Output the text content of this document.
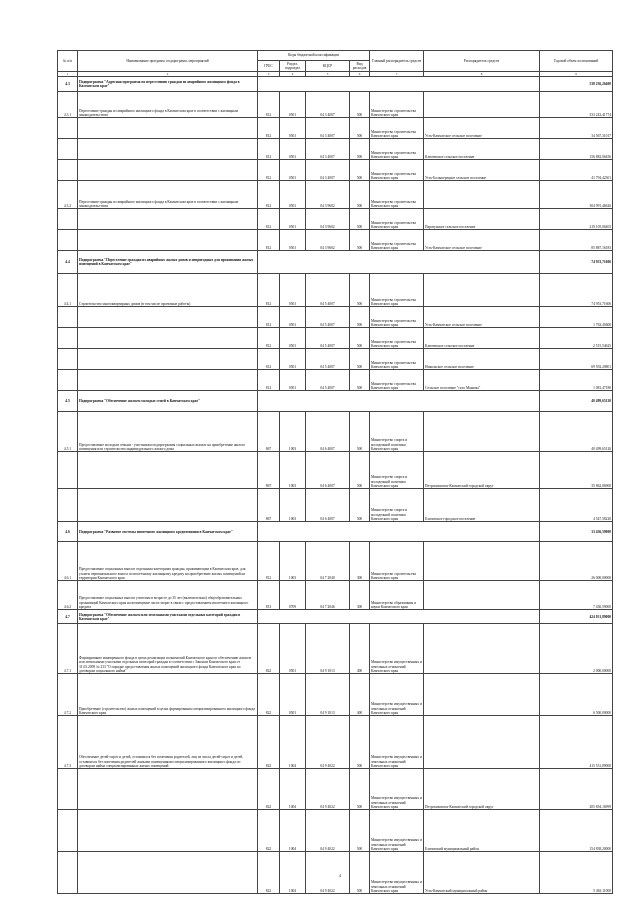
№ п/п	Наименование программ, подпрограмм, мероприятий	Коды бюджетной классификации				Главный распорядитель средств	Распорядитель средств	Годовой объем ассигнований
		ГРБС	Раздел, подраздел	КЦСР	Вид расходов			
1	2	3	4	5	6	7	8	9
4.3	Подпрограмма "Адресная программа по переселению граждан из аварийного жилищного фонда в Камчатском крае"							538 236,26400
4.3.1	Переселение граждан из аварийного жилищного фонда в Камчатском крае в соответствии с жилищным законодательством	812	0501	04 3 4007	500	Министерство строительства Камчатского края		533 243,41774
		812	0501	04 3 4007	500	Министерство строительства Камчатского края	Усть-Камчатское сельское поселение	34 567,31017
		812	0501	04 3 4007	500	Министерство строительства Камчатского края	Ключевское сельское поселение	156 882,06456
		812	0501	04 3 4007	500	Министерство строительства Камчатского края	Усть-Большерецкое сельское поселение	41 794,42301
4.3.2	Переселение граждан из аварийного жилищного фонда в Камчатском крае в соответствии с жилищным законодательством	812	0501	04 3 9602	500	Министерство строительства Камчатского края		304 991,46626
		812	0501	04 3 9602	500	Министерство строительства Камчатского края	Паратунское сельское поселение	219 105,06403
		812	0501	04 3 9602	500	Министерство строительства Камчатского края	Усть-Камчатское сельское поселение	85 887,16183
4.4	Подпрограмма "Переселение граждан из аварийных жилых домов и непригодных для проживания жилых помещений в Камчатском крае"							74 953,71606
4.4.1	Строительство многоквартирных домов (в том числе проектные работы)	812	0501	04 5 4007	500	Министерство строительства Камчатского края		74 953,71606
		812	0501	04 5 4007	500	Министерство строительства Камчатского края	Усть-Камчатское сельское поселение	1 763,45600
		812	0501	04 5 4007	500	Министерство строительства Камчатского края	Ключевское сельское поселение	2 515,54625
		812	0501	04 5 4007	500	Министерство строительства Камчатского края	Никольское сельское поселение	69 592,20801
		812	0501	04 5 4007	500	Министерство строительства Камчатского края	Сельское поселение "село Манилы"	1 081,47180
4.5	Подпрограмма "Обеспечение жильем молодых семей в Камчатском крае"							40 499,65120
4.5.1	Предоставление молодым семьям - участникам подпрограммы социальных выплат на приобретение жилого помещения или строительство индивидуального жилого дома	867	1003	04 6 4007	500	Министерство спорта и молодежной политики Камчатского края		40 499,65120
		867	1003	04 6 4007	500	Министерство спорта и молодежной политики Камчатского края	Петропавловск-Камчатский городской округ	35 862,06900
		867	1003	04 6 4007	500	Министерство спорта и молодежной политики Камчатского края	Елизовское городское поселение	4 547,58220
4.6	Подпрограмма "Развитие системы ипотечного жилищного кредитования в Камчатском крае"							33 436,59000
4.6.1	Предоставление социальных выплат отдельным категориям граждан, проживающим в Камчатском крае, для уплаты первоначального взноса по ипотечному жилищному кредиту на приобретение жилых помещений на территории Камчатского края	812	1003	04 7 2040	300	Министерство строительства Камчатского края		26 000,00000
4.6.2	Предоставление социальных выплат учителям в возрасте до 35 лет (включительно) общеобразовательных организаций Камчатского края на возмещение части затрат в связи с предоставлением ипотечного жилищного кредита	813	0709	04 7 2046	300	Министерство образования и науки Камчатского края		7 436,59000
4.7	Подпрограмма "Обеспечение жильем или земельными участками отдельных категорий граждан в Камчатском крае"							424 031,89000
4.7.1	Формирование маневренного фонда в целях реализации полномочий Камчатского края по обеспечению жильем или земельными участками отдельных категорий граждан в соответствии с Законом Камчатского края от 31.03.2009 № 233 "О порядке предоставления жилых помещений жилищного фонда Камчатского края по договорам социального найма"	822	0501	04 9 1013	400	Министерство имущественных и земельных отношений Камчатского края		2 000,00000
4.7.2	Приобретение (строительство) жилых помещений в целях формирования специализированного жилищного фонда Камчатского края	822	0501	04 9 1013	400	Министерство имущественных и земельных отношений Камчатского края		6 500,00000
4.7.3	Обеспечение детей-сирот и детей, оставшихся без попечения родителей, лиц из числа детей-сирот и детей, оставшихся без попечения родителей жилыми помещениями специализированного жилищного фонда по договорам найма специализированных жилых помещений	822	1004	04 9 4022	500	Министерство имущественных и земельных отношений Камчатского края		415 531,89000
		822	1004	04 9 4022	500	Министерство имущественных и земельных отношений Камчатского края	Петропавловск-Камчатский городской округ	205 694,16999
		822	1004	04 9 4022	500	Министерство имущественных и земельных отношений Камчатского края	Елизовский муниципальный район	154 838,20000
		822	1004	04 9 4022	500	Министерство имущественных и земельных отношений Камчатского края	Усть-Камчатский муниципальный район	5 463,11000
4
